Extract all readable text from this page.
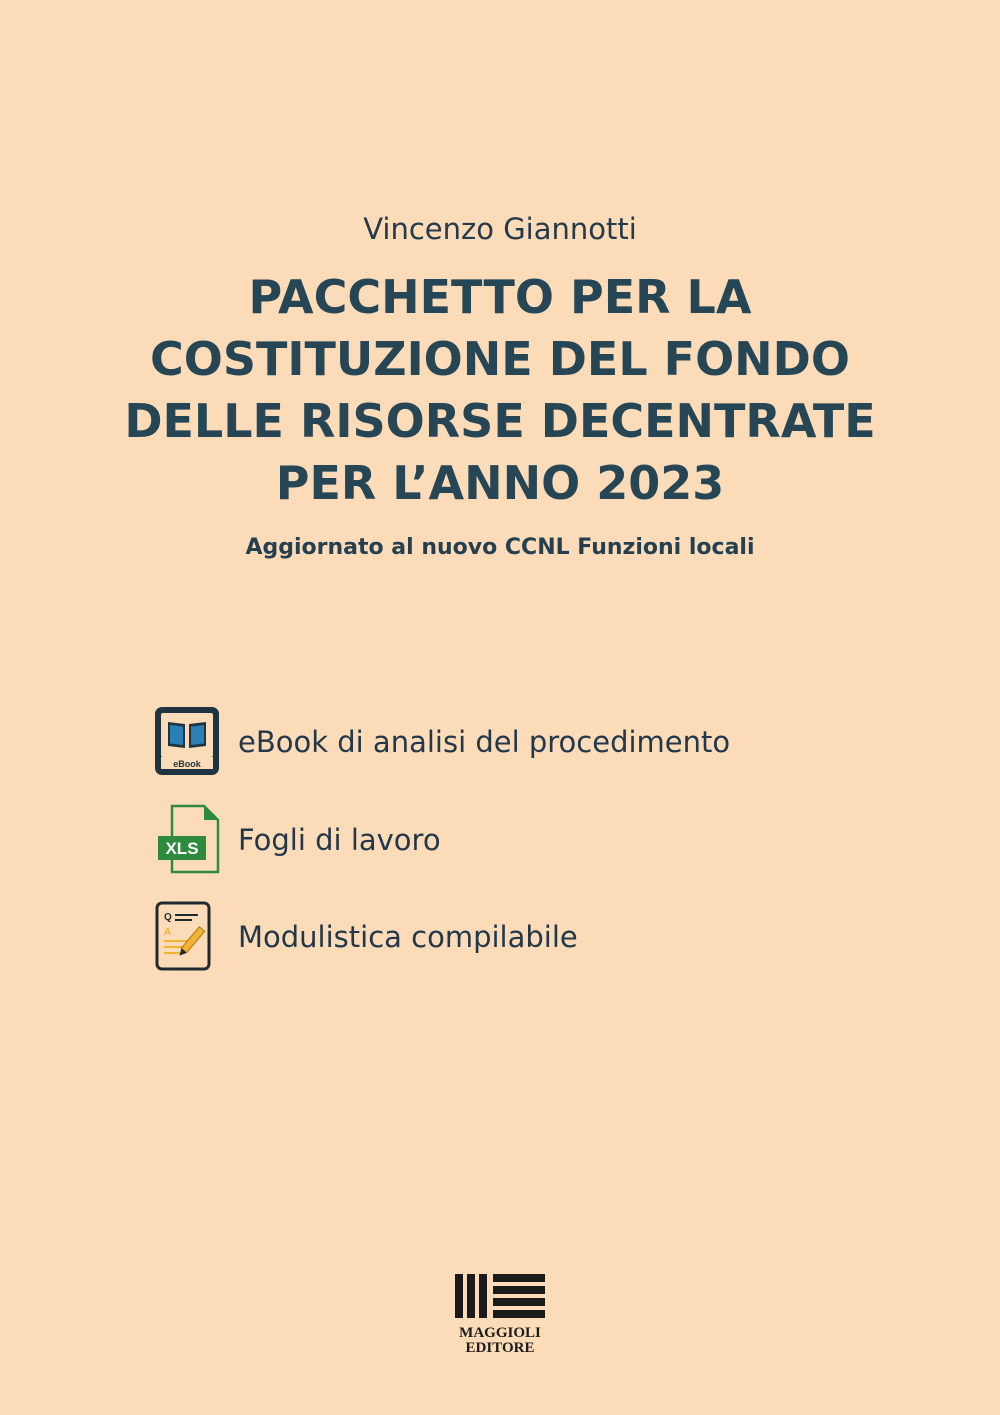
Vincenzo Giannotti
PACCHETTO PER LA
COSTITUZIONE DEL FONDO
DELLE RISORSE DECENTRATE
PER L’ANNO 2023
Aggiornato al nuovo CCNL Funzioni locali
eBook
eBook di analisi del procedimento
XLS Fogli di lavoro
Q
A Modulistica compilabile
MAGGIOLI
EDITORE
